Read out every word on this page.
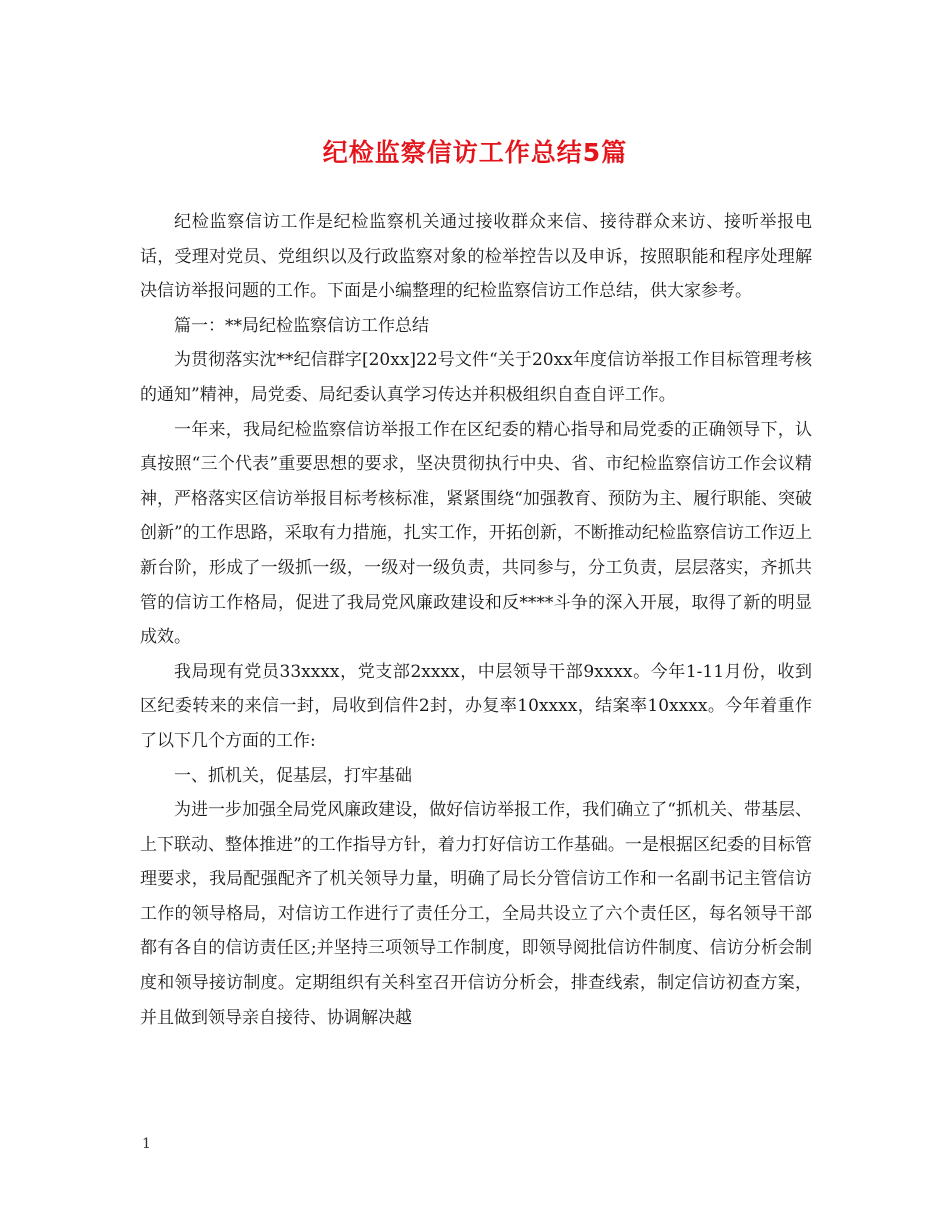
纪检监察信访工作总结5篇

纪检监察信访工作是纪检监察机关通过接收群众来信、接待群众来访、接听举报电话，受理对党员、党组织以及行政监察对象的检举控告以及申诉，按照职能和程序处理解决信访举报问题的工作。下面是小编整理的纪检监察信访工作总结，供大家参考。

篇一：**局纪检监察信访工作总结

为贯彻落实沈**纪信群字[20xx]22号文件“关于20xx年度信访举报工作目标管理考核的通知”精神，局党委、局纪委认真学习传达并积极组织自查自评工作。

一年来，我局纪检监察信访举报工作在区纪委的精心指导和局党委的正确领导下，认真按照“三个代表”重要思想的要求，坚决贯彻执行中央、省、市纪检监察信访工作会议精神，严格落实区信访举报目标考核标准，紧紧围绕“加强教育、预防为主、履行职能、突破创新”的工作思路，采取有力措施，扎实工作，开拓创新，不断推动纪检监察信访工作迈上新台阶，形成了一级抓一级，一级对一级负责，共同参与，分工负责，层层落实，齐抓共管的信访工作格局，促进了我局党风廉政建设和反****斗争的深入开展，取得了新的明显成效。

我局现有党员33xxxx，党支部2xxxx，中层领导干部9xxxx。今年1-11月份，收到区纪委转来的来信一封，局收到信件2封，办复率10xxxx，结案率10xxxx。今年着重作了以下几个方面的工作:

一、抓机关，促基层，打牢基础

为进一步加强全局党风廉政建设，做好信访举报工作，我们确立了“抓机关、带基层、上下联动、整体推进”的工作指导方针，着力打好信访工作基础。一是根据区纪委的目标管理要求，我局配强配齐了机关领导力量，明确了局长分管信访工作和一名副书记主管信访工作的领导格局，对信访工作进行了责任分工，全局共设立了六个责任区，每名领导干部都有各自的信访责任区;并坚持三项领导工作制度，即领导阅批信访件制度、信访分析会制度和领导接访制度。定期组织有关科室召开信访分析会，排查线索，制定信访初查方案，并且做到领导亲自接待、协调解决越

1
